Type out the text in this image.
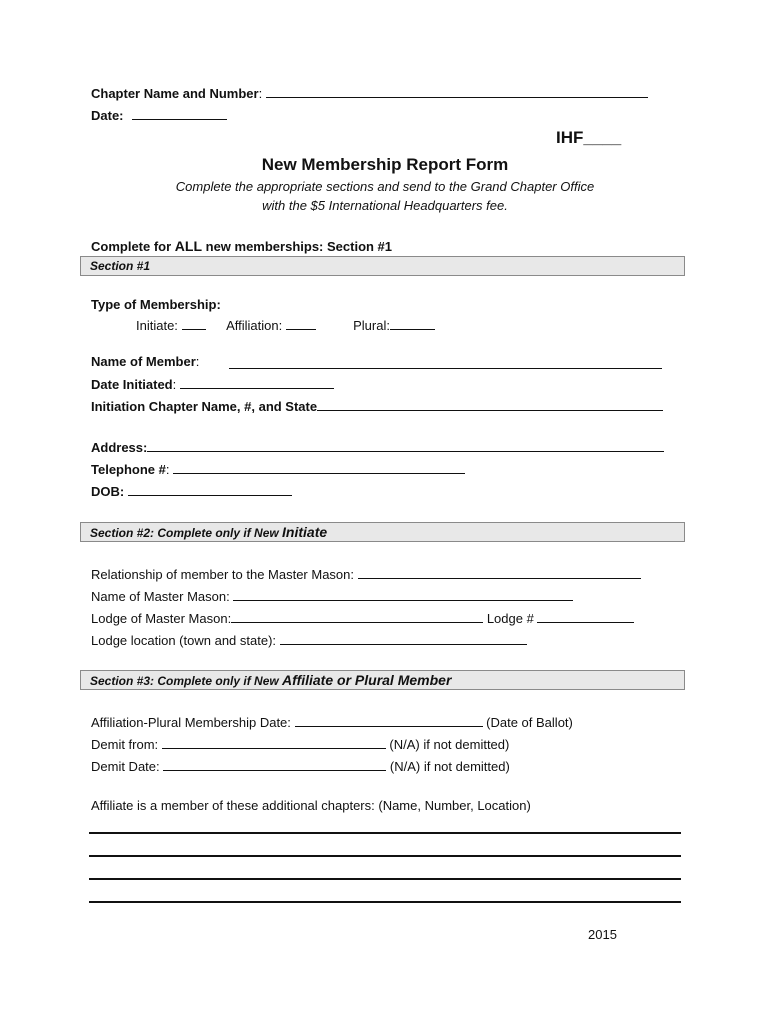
Chapter Name and Number:
Date:
IHF____
New Membership Report Form
Complete the appropriate sections and send to the Grand Chapter Office
with the $5 International Headquarters fee.
Complete for ALL new memberships: Section #1
Section #1
Type of Membership:
Initiate:	Affiliation:	Plural:
Name of Member:
Date Initiated:
Initiation Chapter Name, #, and State
Address:
Telephone #:
DOB:
Section #2: Complete only if New Initiate
Relationship of member to the Master Mason:
Name of Master Mason:
Lodge of Master Mason:	Lodge #
Lodge location (town and state):
Section #3: Complete only if New Affiliate or Plural Member
Affiliation-Plural Membership Date:	(Date of Ballot)
Demit from:	(N/A) if not demitted)
Demit Date:	(N/A) if not demitted)
Affiliate is a member of these additional chapters: (Name, Number, Location)
2015
